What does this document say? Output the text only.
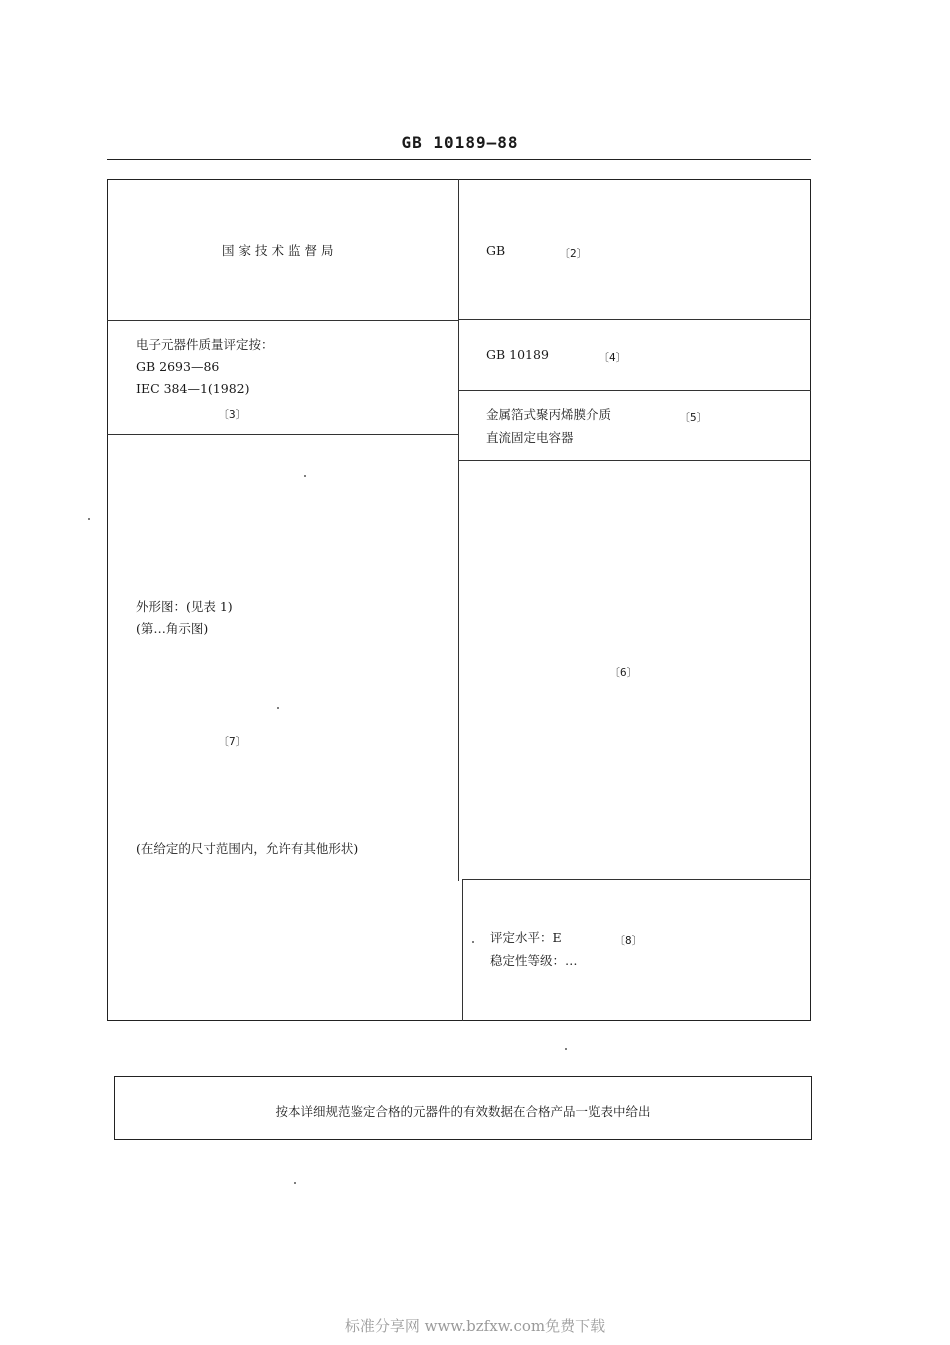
GB 10189—88
国家技术监督局	GB	〔2〕
电子元器件质量评定按：
GB 2693—86
IEC 384—1(1982)
〔3〕
GB 10189	〔4〕
金属箔式聚丙烯膜介质	〔5〕
直流固定电容器
外形图：(见表 1)
(第…角示图)
〔7〕
(在给定的尺寸范围内，允许有其他形状)
〔6〕
评定水平：E	〔8〕
稳定性等级：…
按本详细规范鉴定合格的元器件的有效数据在合格产品一览表中给出
标准分享网 www.bzfxw.com免费下载
